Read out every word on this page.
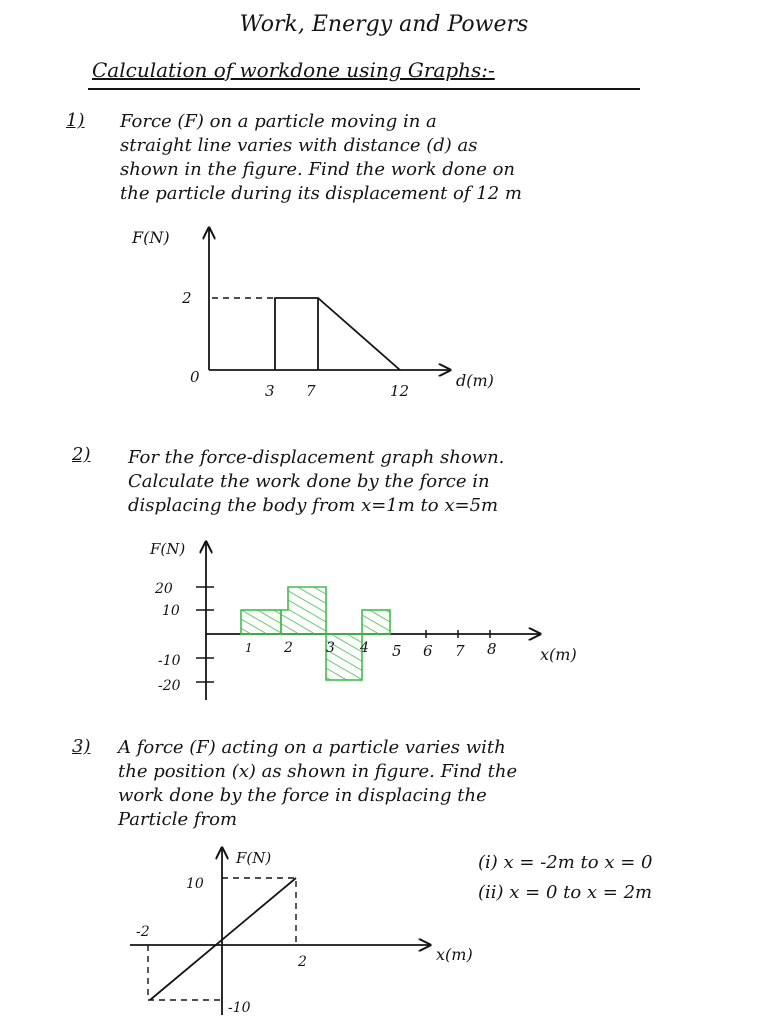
Work, Energy and Powers
Calculation of workdone using Graphs:-
1) Force (F) on a particle moving in a
straight line varies with distance (d) as
shown in the figure. Find the work done on
the particle during its displacement of 12 m
F(N)
d(m)
0
2
3 7	12
F(N)
x(m)
20
10
-10
-20
1 2 3 4 5 6 7 8
F(N)
x(m)
10
-10
-2
2
2) For the force-displacement graph shown.
Calculate the work done by the force in
displacing the body from x=1m to x=5m
3) A force (F) acting on a particle varies with
the position (x) as shown in figure. Find the
work done by the force in displacing the
Particle from
(i) x = -2m to x = 0
(ii) x = 0 to x = 2m
